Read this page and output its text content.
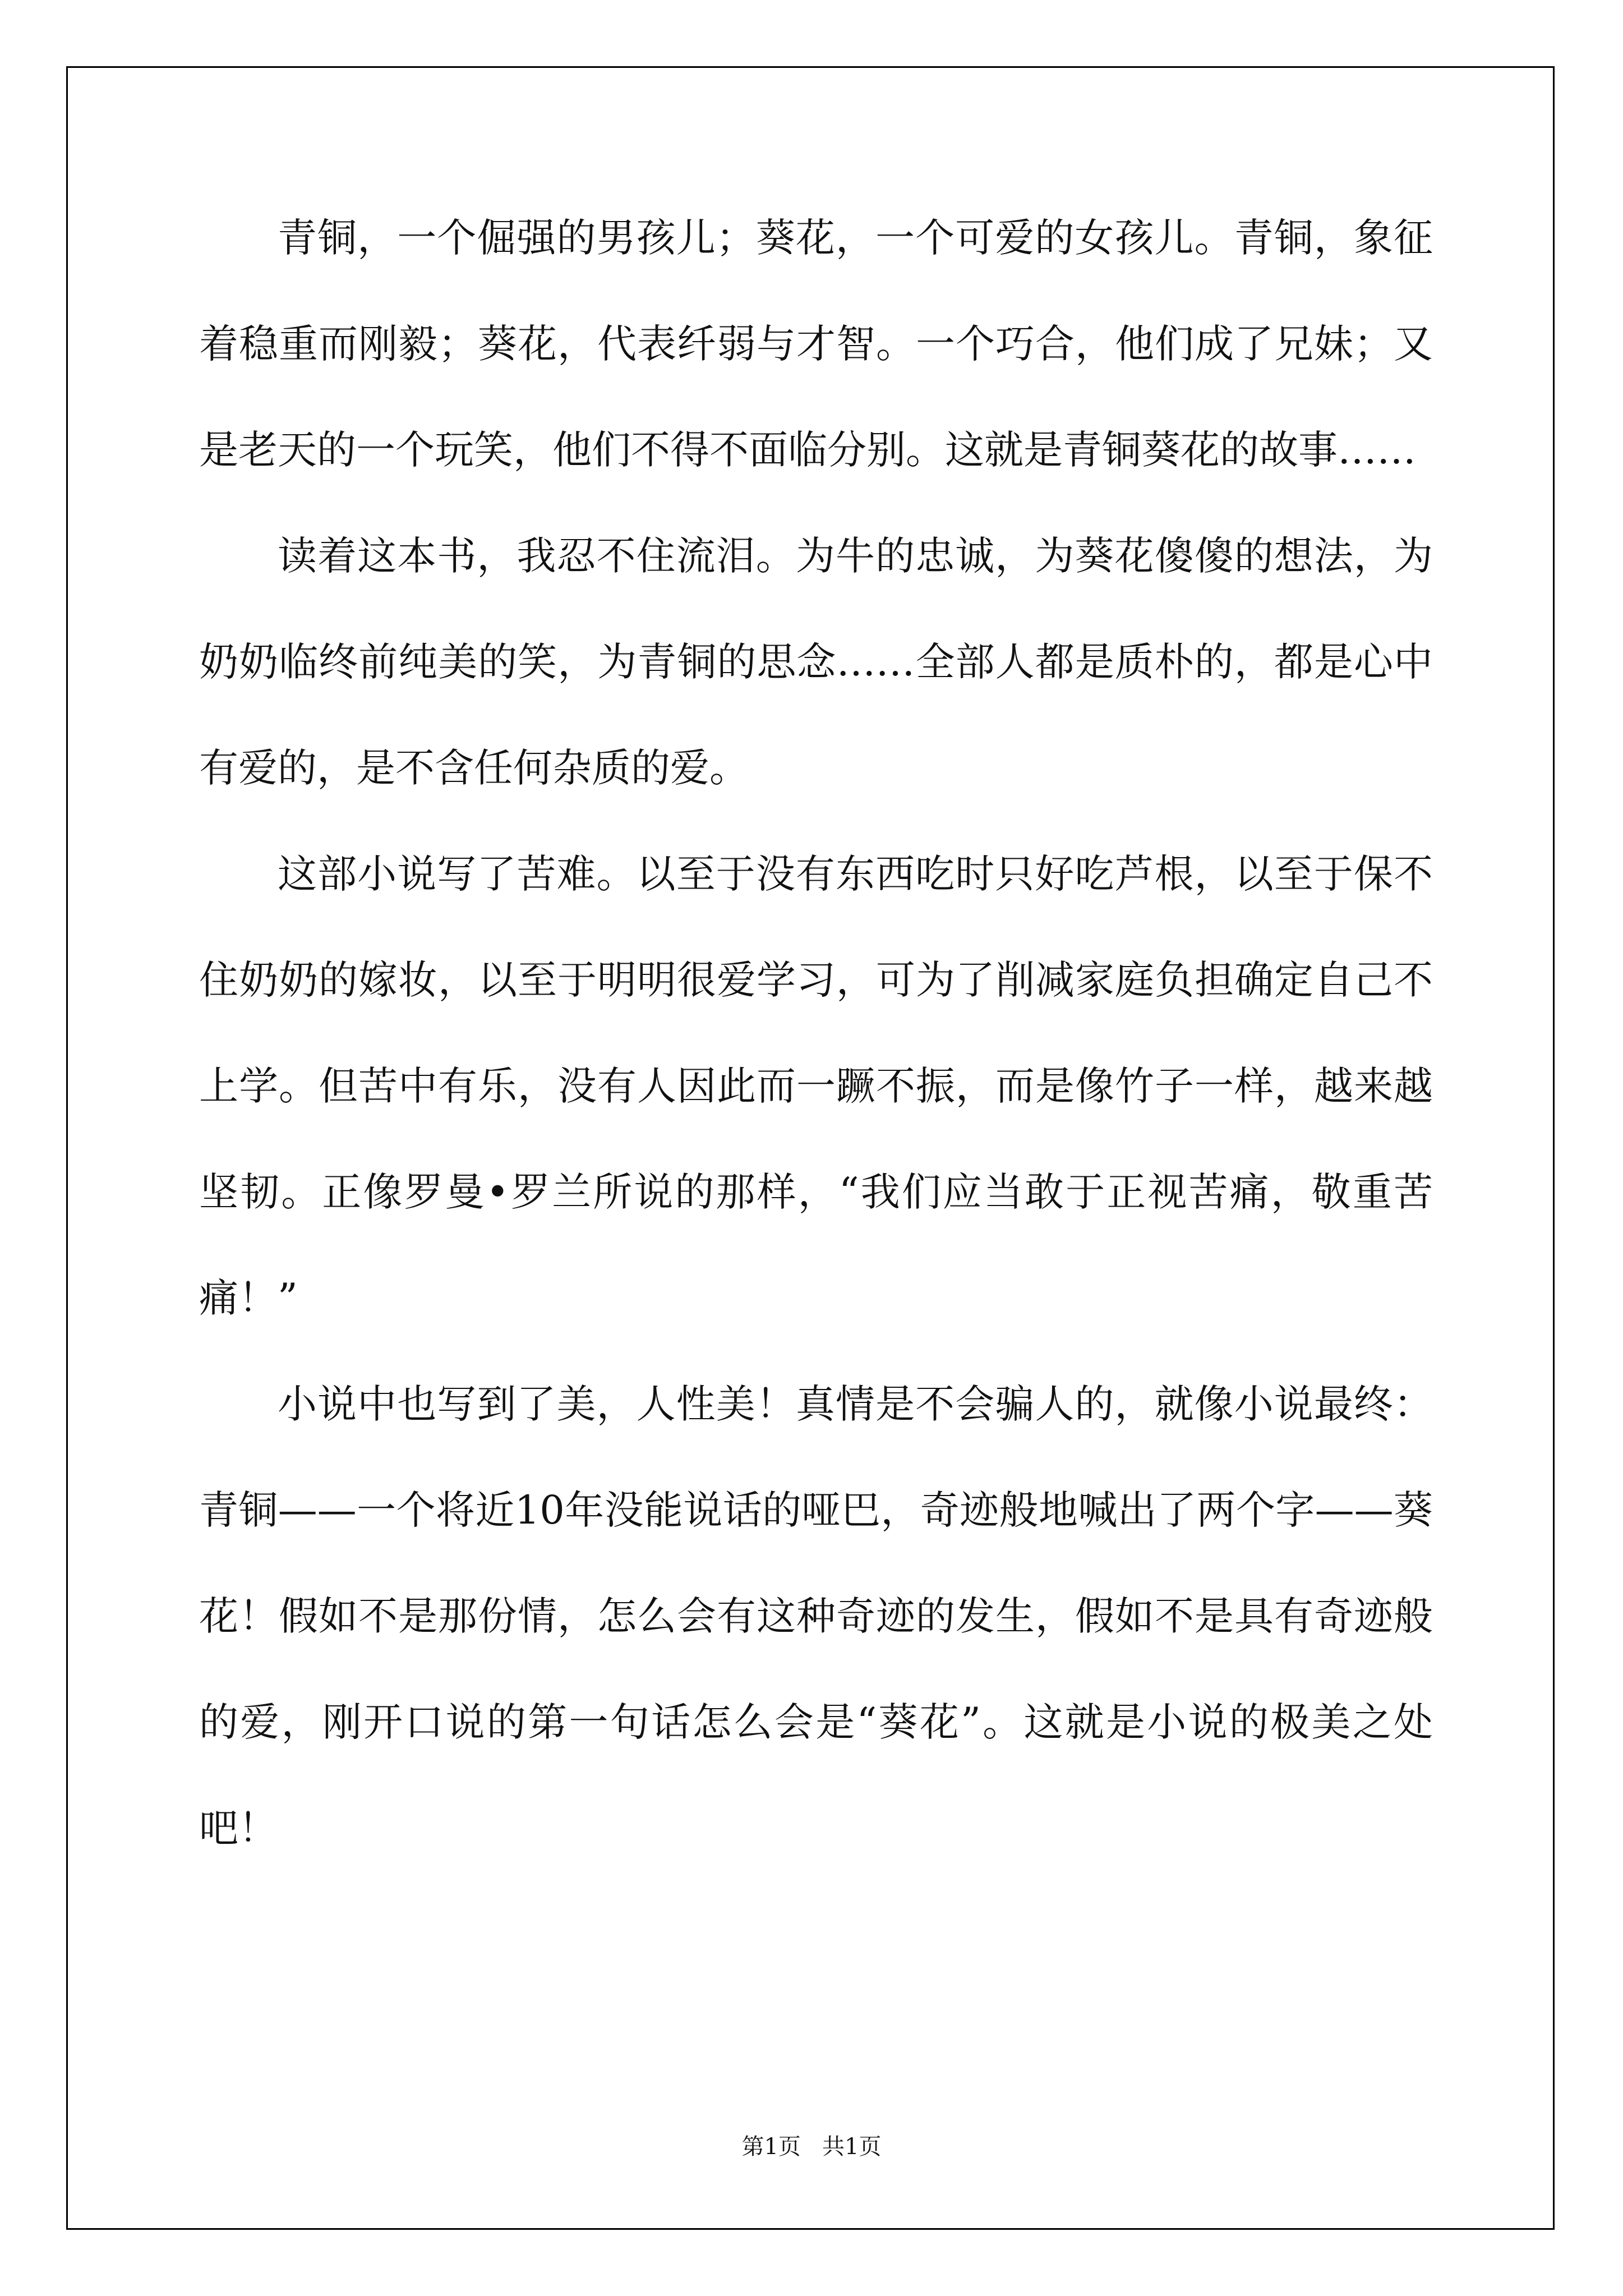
青铜，一个倔强的男孩儿；葵花，一个可爱的女孩儿。青铜，象征着稳重而刚毅；葵花，代表纤弱与才智。一个巧合，他们成了兄妹；又是老天的一个玩笑，他们不得不面临分别。这就是青铜葵花的故事……

读着这本书，我忍不住流泪。为牛的忠诚，为葵花傻傻的想法，为奶奶临终前纯美的笑，为青铜的思念……全部人都是质朴的，都是心中有爱的，是不含任何杂质的爱。

这部小说写了苦难。以至于没有东西吃时只好吃芦根，以至于保不住奶奶的嫁妆，以至于明明很爱学习，可为了削减家庭负担确定自己不上学。但苦中有乐，没有人因此而一蹶不振，而是像竹子一样，越来越坚韧。正像罗曼•罗兰所说的那样，“我们应当敢于正视苦痛，敬重苦痛！”

小说中也写到了美，人性美！真情是不会骗人的，就像小说最终：青铜——一个将近10年没能说话的哑巴，奇迹般地喊出了两个字——葵花！假如不是那份情，怎么会有这种奇迹的发生，假如不是具有奇迹般的爱，刚开口说的第一句话怎么会是“葵花”。这就是小说的极美之处吧！

第1页   共1页
